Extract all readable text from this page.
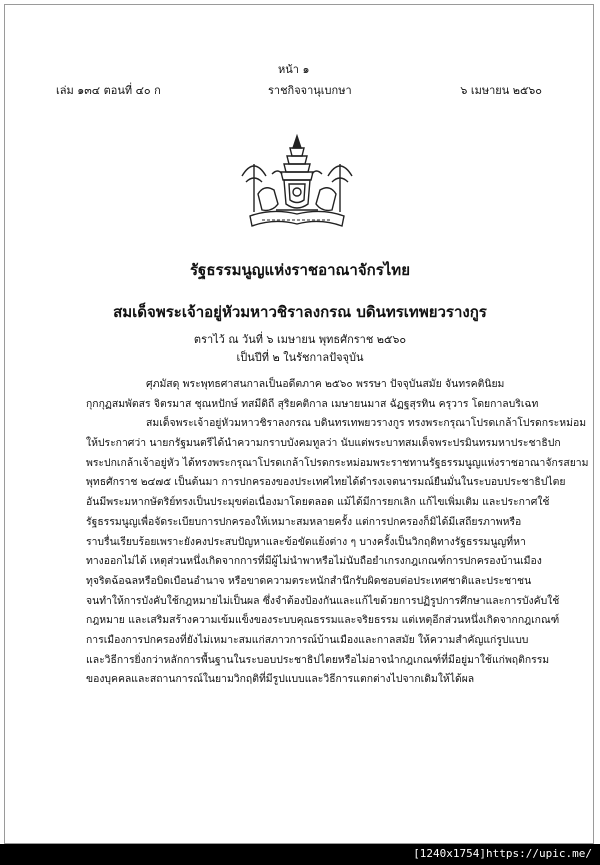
หน้า ๑
เล่ม ๑๓๔ ตอนที่ ๔๐ ก	ราชกิจจานุเบกษา	๖ เมษายน ๒๕๖๐
รัฐธรรมนูญแห่งราชอาณาจักรไทย
สมเด็จพระเจ้าอยู่หัวมหาวชิราลงกรณ บดินทรเทพยวรางกูร
ตราไว้ ณ วันที่ ๖ เมษายน พุทธศักราช ๒๕๖๐
เป็นปีที่ ๒ ในรัชกาลปัจจุบัน
ศุภมัสดุ พระพุทธศาสนกาลเป็นอดีตภาค ๒๕๖๐ พรรษา ปัจจุบันสมัย จันทรคตินิยม
กุกกุฏสมพัตสร จิตรมาส ชุณหปักษ์ ทสมีดิถี สุริยคติกาล เมษายนมาส ฉัฏฐสุรทิน ครุวาร โดยกาลบริเฉท
สมเด็จพระเจ้าอยู่หัวมหาวชิราลงกรณ บดินทรเทพยวรางกูร ทรงพระกรุณาโปรดเกล้าโปรดกระหม่อม
ให้ประกาศว่า นายกรัฐมนตรีได้นำความกราบบังคมทูลว่า นับแต่พระบาทสมเด็จพระปรมินทรมหาประชาธิปก
พระปกเกล้าเจ้าอยู่หัว ได้ทรงพระกรุณาโปรดเกล้าโปรดกระหม่อมพระราชทานรัฐธรรมนูญแห่งราชอาณาจักรสยาม
พุทธศักราช ๒๔๗๕ เป็นต้นมา การปกครองของประเทศไทยได้ดำรงเจตนารมณ์ยืนมั่นในระบอบประชาธิปไตย
อันมีพระมหากษัตริย์ทรงเป็นประมุขต่อเนื่องมาโดยตลอด แม้ได้มีการยกเลิก แก้ไขเพิ่มเติม และประกาศใช้
รัฐธรรมนูญเพื่อจัดระเบียบการปกครองให้เหมาะสมหลายครั้ง แต่การปกครองก็มิได้มีเสถียรภาพหรือ
ราบรื่นเรียบร้อยเพราะยังคงประสบปัญหาและข้อขัดแย้งต่าง ๆ บางครั้งเป็นวิกฤติทางรัฐธรรมนูญที่หา
ทางออกไม่ได้ เหตุส่วนหนึ่งเกิดจากการที่มีผู้ไม่นำพาหรือไม่นับถือยำเกรงกฎเกณฑ์การปกครองบ้านเมือง
ทุจริตฉ้อฉลหรือบิดเบือนอำนาจ หรือขาดความตระหนักสำนึกรับผิดชอบต่อประเทศชาติและประชาชน
จนทำให้การบังคับใช้กฎหมายไม่เป็นผล ซึ่งจำต้องป้องกันและแก้ไขด้วยการปฏิรูปการศึกษาและการบังคับใช้
กฎหมาย และเสริมสร้างความเข้มแข็งของระบบคุณธรรมและจริยธรรม แต่เหตุอีกส่วนหนึ่งเกิดจากกฎเกณฑ์
การเมืองการปกครองที่ยังไม่เหมาะสมแก่สภาวการณ์บ้านเมืองและกาลสมัย ให้ความสำคัญแก่รูปแบบ
และวิธีการยิ่งกว่าหลักการพื้นฐานในระบอบประชาธิปไตยหรือไม่อาจนำกฎเกณฑ์ที่มีอยู่มาใช้แก่พฤติกรรม
ของบุคคลและสถานการณ์ในยามวิกฤติที่มีรูปแบบและวิธีการแตกต่างไปจากเดิมให้ได้ผล
[1240x1754]https://upic.me/
